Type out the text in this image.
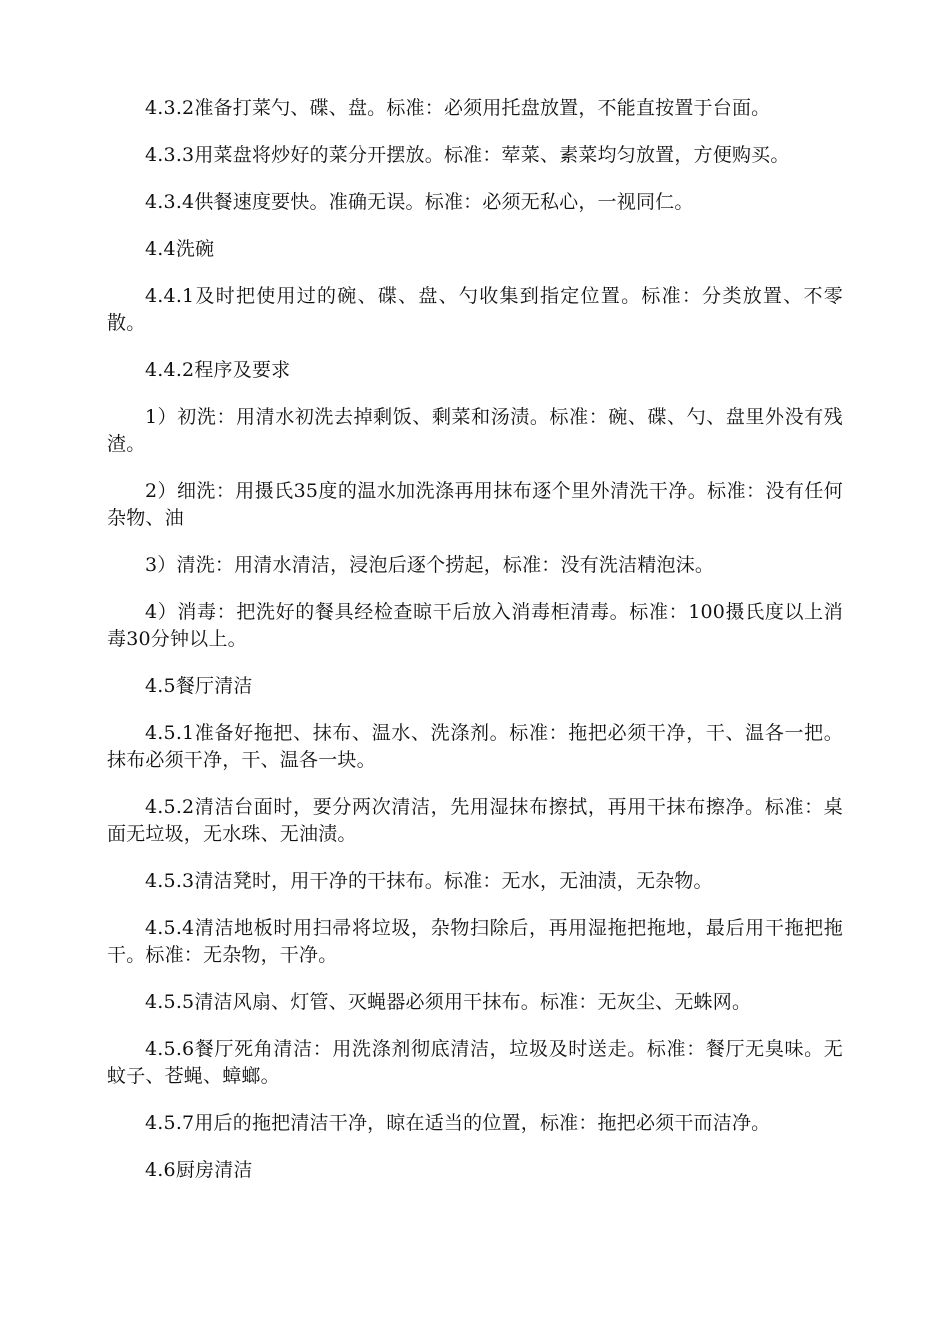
4.3.2准备打菜勺、碟、盘。标准：必须用托盘放置，不能直按置于台面。

4.3.3用菜盘将炒好的菜分开摆放。标准：荤菜、素菜均匀放置，方便购买。

4.3.4供餐速度要快。准确无误。标准：必须无私心，一视同仁。

4.4洗碗

4.4.1及时把使用过的碗、碟、盘、勺收集到指定位置。标准：分类放置、不零散。

4.4.2程序及要求

1）初洗：用清水初洗去掉剩饭、剩菜和汤渍。标准：碗、碟、勺、盘里外没有残渣。

2）细洗：用摄氏35度的温水加洗涤再用抹布逐个里外清洗干净。标准：没有任何杂物、油

3）清洗：用清水清洁，浸泡后逐个捞起，标准：没有洗洁精泡沫。

4）消毒：把洗好的餐具经检查晾干后放入消毒柜清毒。标准：100摄氏度以上消毒30分钟以上。

4.5餐厅清洁

4.5.1准备好拖把、抹布、温水、洗涤剂。标准：拖把必须干净，干、温各一把。抹布必须干净，干、温各一块。

4.5.2清洁台面时，要分两次清洁，先用湿抹布擦拭，再用干抹布擦净。标准：桌面无垃圾，无水珠、无油渍。

4.5.3清洁凳时，用干净的干抹布。标准：无水，无油渍，无杂物。

4.5.4清洁地板时用扫帚将垃圾，杂物扫除后，再用湿拖把拖地，最后用干拖把拖干。标准：无杂物，干净。

4.5.5清洁风扇、灯管、灭蝇器必须用干抹布。标准：无灰尘、无蛛网。

4.5.6餐厅死角清洁：用洗涤剂彻底清洁，垃圾及时送走。标准：餐厅无臭味。无蚊子、苍蝇、蟑螂。

4.5.7用后的拖把清洁干净，晾在适当的位置，标准：拖把必须干而洁净。

4.6厨房清洁
